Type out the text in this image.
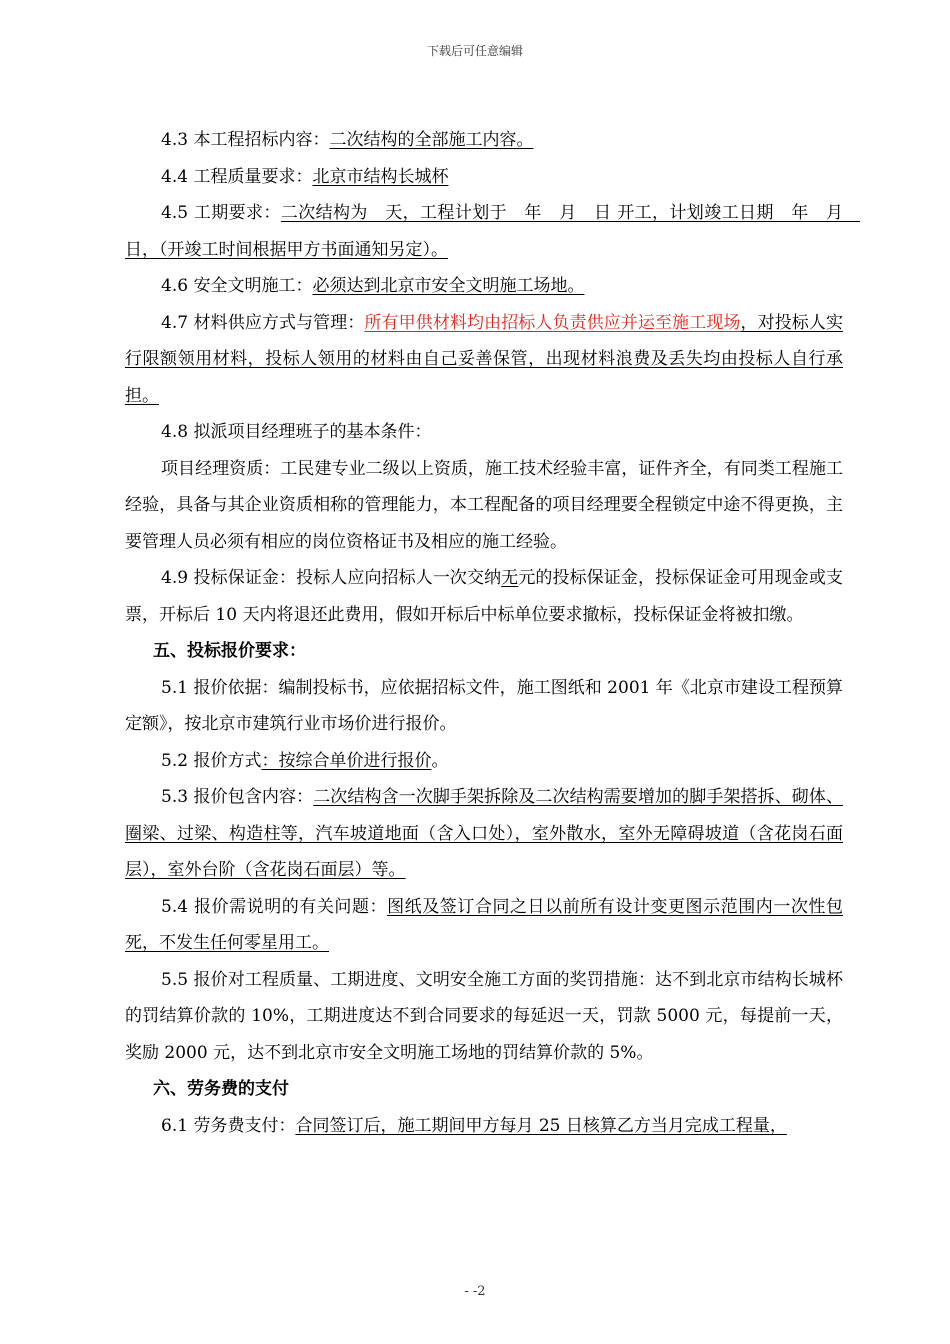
下载后可任意编辑

4.3 本工程招标内容：二次结构的全部施工内容。

4.4 工程质量要求：北京市结构长城杯

4.5 工期要求：二次结构为　天，工程计划于　年　月　日 开工，计划竣工日期　年　月　日，（开竣工时间根据甲方书面通知另定）。

4.6 安全文明施工：必须达到北京市安全文明施工场地。

4.7 材料供应方式与管理：所有甲供材料均由招标人负责供应并运至施工现场，对投标人实行限额领用材料，投标人领用的材料由自己妥善保管，出现材料浪费及丢失均由投标人自行承担。

4.8 拟派项目经理班子的基本条件：

项目经理资质：工民建专业二级以上资质，施工技术经验丰富，证件齐全，有同类工程施工经验，具备与其企业资质相称的管理能力，本工程配备的项目经理要全程锁定中途不得更换，主要管理人员必须有相应的岗位资格证书及相应的施工经验。

4.9 投标保证金：投标人应向招标人一次交纳无元的投标保证金，投标保证金可用现金或支票，开标后 10 天内将退还此费用，假如开标后中标单位要求撤标，投标保证金将被扣缴。

五、投标报价要求：

5.1 报价依据：编制投标书，应依据招标文件，施工图纸和 2001 年《北京市建设工程预算定额》，按北京市建筑行业市场价进行报价。

5.2 报价方式：按综合单价进行报价。

5.3 报价包含内容：二次结构含一次脚手架拆除及二次结构需要增加的脚手架搭拆、砌体、圈梁、过梁、构造柱等，汽车坡道地面（含入口处），室外散水，室外无障碍坡道（含花岗石面层），室外台阶（含花岗石面层）等。

5.4 报价需说明的有关问题：图纸及签订合同之日以前所有设计变更图示范围内一次性包死，不发生任何零星用工。

5.5 报价对工程质量、工期进度、文明安全施工方面的奖罚措施：达不到北京市结构长城杯的罚结算价款的 10%，工期进度达不到合同要求的每延迟一天，罚款 5000 元，每提前一天，奖励 2000 元，达不到北京市安全文明施工场地的罚结算价款的 5%。

六、劳务费的支付

6.1 劳务费支付：合同签订后，施工期间甲方每月 25 日核算乙方当月完成工程量，

- -2
